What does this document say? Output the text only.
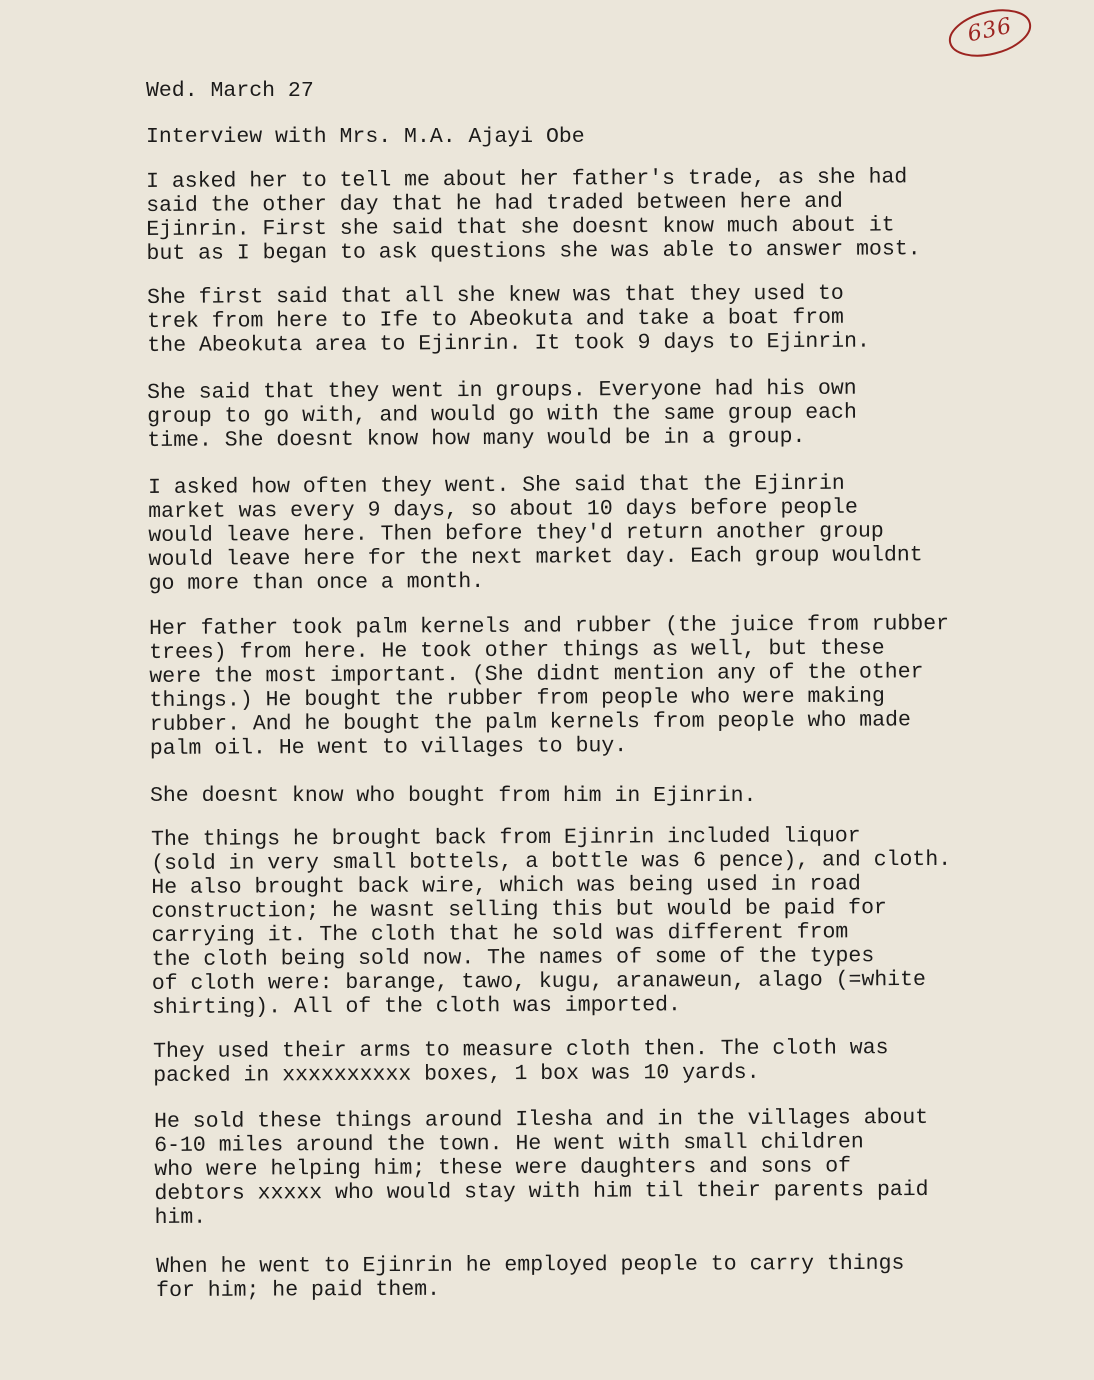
636

Wed. March 27

Interview with Mrs. M.A. Ajayi Obe

I asked her to tell me about her father's trade, as she had
said the other day that he had traded between here and
Ejinrin. First she said that she doesnt know much about it
but as I began to ask questions she was able to answer most.

She first said that all she knew was that they used to
trek from here to Ife to Abeokuta and take a boat from
the Abeokuta area to Ejinrin. It took 9 days to Ejinrin.

She said that they went in groups. Everyone had his own
group to go with, and would go with the same group each
time. She doesnt know how many would be in a group.

I asked how often they went. She said that the Ejinrin
market was every 9 days, so about 10 days before people
would leave here. Then before they'd return another group
would leave here for the next market day. Each group wouldnt
go more than once a month.

Her father took palm kernels and rubber (the juice from rubber
trees) from here. He took other things as well, but these
were the most important. (She didnt mention any of the other
things.) He bought the rubber from people who were making
rubber. And he bought the palm kernels from people who made
palm oil. He went to villages to buy.

She doesnt know who bought from him in Ejinrin.

The things he brought back from Ejinrin included liquor
(sold in very small bottels, a bottle was 6 pence), and cloth.
He also brought back wire, which was being used in road
construction; he wasnt selling this but would be paid for
carrying it. The cloth that he sold was different from
the cloth being sold now. The names of some of the types
of cloth were: barange, tawo, kugu, aranaweun, alago (=white
shirting). All of the cloth was imported.

They used their arms to measure cloth then. The cloth was
packed in xxxxxxxxxx boxes, 1 box was 10 yards.

He sold these things around Ilesha and in the villages about
6-10 miles around the town. He went with small children
who were helping him; these were daughters and sons of
debtors xxxxx who would stay with him til their parents paid
him.

When he went to Ejinrin he employed people to carry things
for him; he paid them.
